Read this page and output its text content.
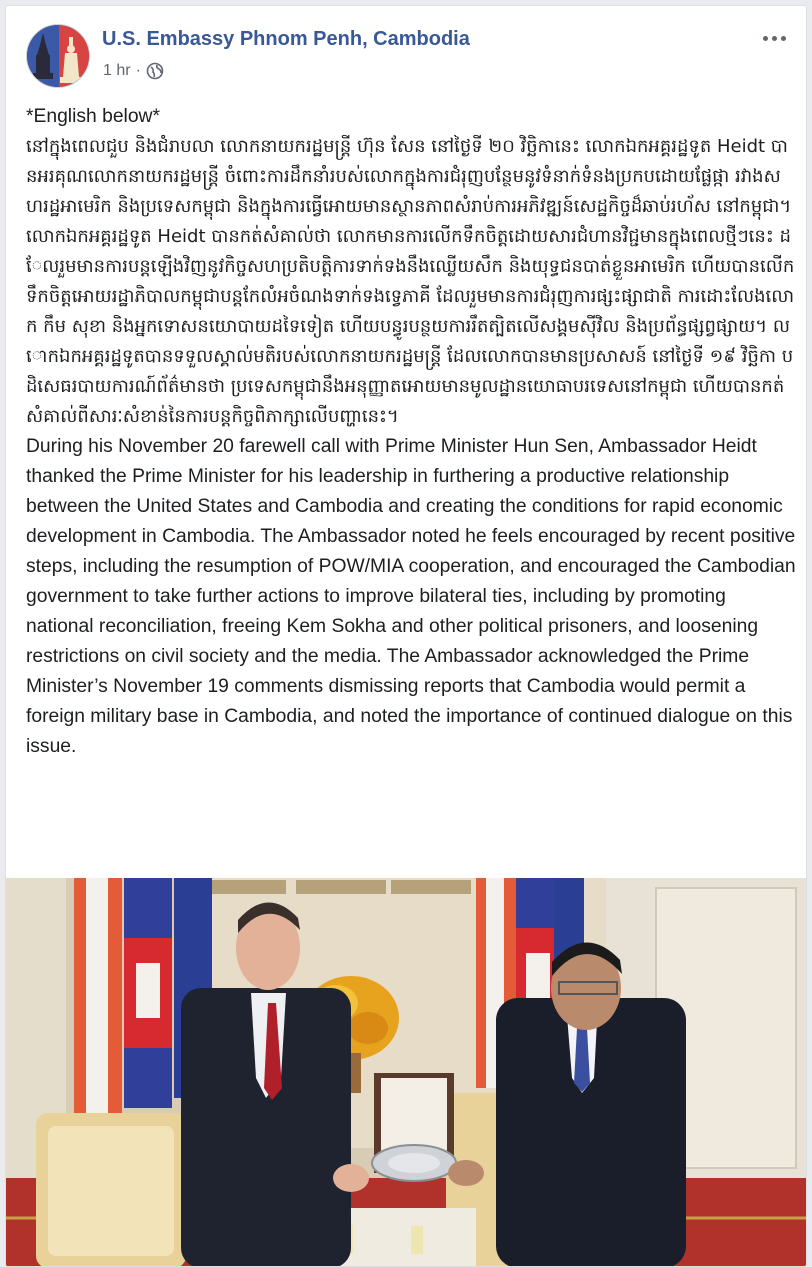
U.S. Embassy Phnom Penh, Cambodia
1 hr ·

*English below*

នៅក្នុងពេលជួប និងជំរាបលា លោកនាយករដ្ឋមន្ត្រី ហ៊ុន សែន នៅថ្ងៃទី ២០ វិច្ឆិកានេះ លោកឯកអគ្គរដ្ឋទូត Heidt បានអរគុណលោកនាយករដ្ឋមន្ត្រី ចំពោះការដឹកនាំរបស់លោកក្នុងការជំរុញបន្ថែមនូវទំនាក់ទំនងប្រកបដោយផ្លែផ្កា រវាងសហរដ្ឋអាមេរិក និងប្រទេសកម្ពុជា និងក្នុងការធ្វើអោយមានស្ថានភាពសំរាប់ការអភិវឌ្ឍន៍សេដ្ឋកិច្ចដ៏ឆាប់រហ័ស នៅកម្ពុជា។ លោកឯកអគ្គរដ្ឋទូត Heidt បានកត់សំគាល់ថា លោកមានការលើកទឹកចិត្តដោយសារជំហានវិជ្ជមានក្នុងពេលថ្មីៗនេះ ដែលរួមមានការបន្តឡើងវិញនូវកិច្ចសហប្រតិបត្តិការទាក់ទងនឹងឈ្លើយសឹក និងយុទ្ធជនបាត់ខ្លួនអាមេរិក ហើយបានលើកទឹកចិត្តអោយរដ្ឋាភិបាលកម្ពុជាបន្តកែលំអចំណងទាក់ទងទ្វេភាគី ដែលរួមមានការជំរុញការផ្សះផ្សាជាតិ ការដោះលែងលោក កឹម សុខា និងអ្នកទោសនយោបាយដទៃទៀត ហើយបន្ធូរបន្ថយការរឹតត្បិតលើសង្គមស៊ីវិល និងប្រព័ន្ធផ្សព្វផ្សាយ។ លោកឯកអគ្គរដ្ឋទូតបានទទួលស្គាល់មតិរបស់លោកនាយករដ្ឋមន្ត្រី ដែលលោកបានមានប្រសាសន៍ នៅថ្ងៃទី ១៩ វិច្ឆិកា បដិសេធរបាយការណ៍ព័ត៌មានថា ប្រទេសកម្ពុជានឹងអនុញ្ញាតអោយមានមូលដ្ឋានយោធាបរទេសនៅកម្ពុជា ហើយបានកត់សំគាល់ពីសារៈសំខាន់នៃការបន្តកិច្ចពិភាក្សាលើបញ្ហានេះ។

During his November 20 farewell call with Prime Minister Hun Sen, Ambassador Heidt thanked the Prime Minister for his leadership in furthering a productive relationship between the United States and Cambodia and creating the conditions for rapid economic development in Cambodia. The Ambassador noted he feels encouraged by recent positive steps, including the resumption of POW/MIA cooperation, and encouraged the Cambodian government to take further actions to improve bilateral ties, including by promoting national reconciliation, freeing Kem Sokha and other political prisoners, and loosening restrictions on civil society and the media. The Ambassador acknowledged the Prime Minister’s November 19 comments dismissing reports that Cambodia would permit a foreign military base in Cambodia, and noted the importance of continued dialogue on this issue.
